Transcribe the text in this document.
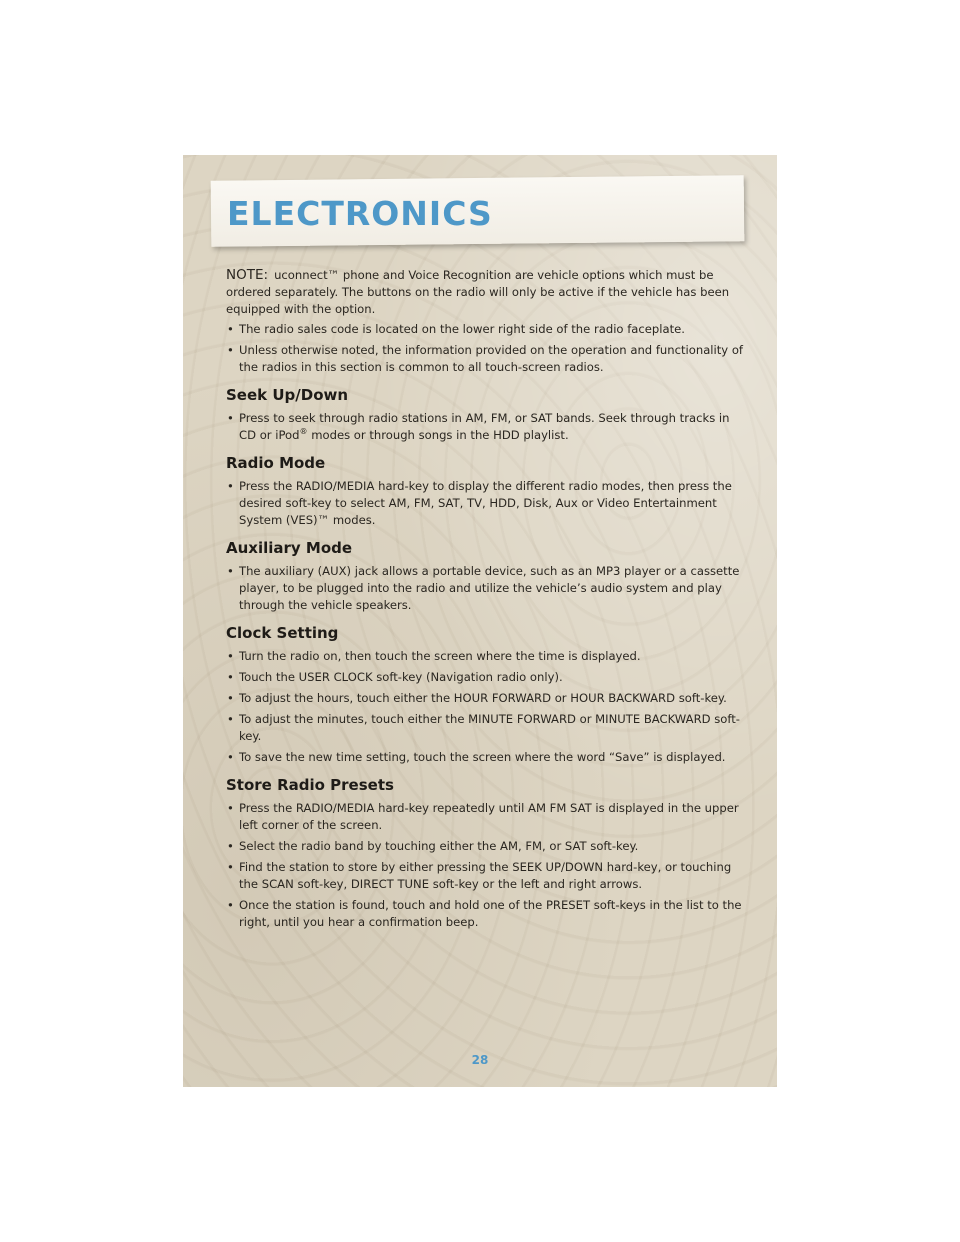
ELECTRONICS

NOTE: uconnect™ phone and Voice Recognition are vehicle options which must be ordered separately. The buttons on the radio will only be active if the vehicle has been equipped with the option.

• The radio sales code is located on the lower right side of the radio faceplate.
• Unless otherwise noted, the information provided on the operation and functionality of the radios in this section is common to all touch-screen radios.
Seek Up/Down
• Press to seek through radio stations in AM, FM, or SAT bands. Seek through tracks in CD or iPod® modes or through songs in the HDD playlist.
Radio Mode
• Press the RADIO/MEDIA hard-key to display the different radio modes, then press the desired soft-key to select AM, FM, SAT, TV, HDD, Disk, Aux or Video Entertainment System (VES)™ modes.
Auxiliary Mode
• The auxiliary (AUX) jack allows a portable device, such as an MP3 player or a cassette player, to be plugged into the radio and utilize the vehicle’s audio system and play through the vehicle speakers.
Clock Setting
• Turn the radio on, then touch the screen where the time is displayed.
• Touch the USER CLOCK soft-key (Navigation radio only).
• To adjust the hours, touch either the HOUR FORWARD or HOUR BACKWARD soft-key.
• To adjust the minutes, touch either the MINUTE FORWARD or MINUTE BACKWARD soft-key.
• To save the new time setting, touch the screen where the word “Save” is displayed.
Store Radio Presets
• Press the RADIO/MEDIA hard-key repeatedly until AM FM SAT is displayed in the upper left corner of the screen.
• Select the radio band by touching either the AM, FM, or SAT soft-key.
• Find the station to store by either pressing the SEEK UP/DOWN hard-key, or touching the SCAN soft-key, DIRECT TUNE soft-key or the left and right arrows.
• Once the station is found, touch and hold one of the PRESET soft-keys in the list to the right, until you hear a confirmation beep.
28
